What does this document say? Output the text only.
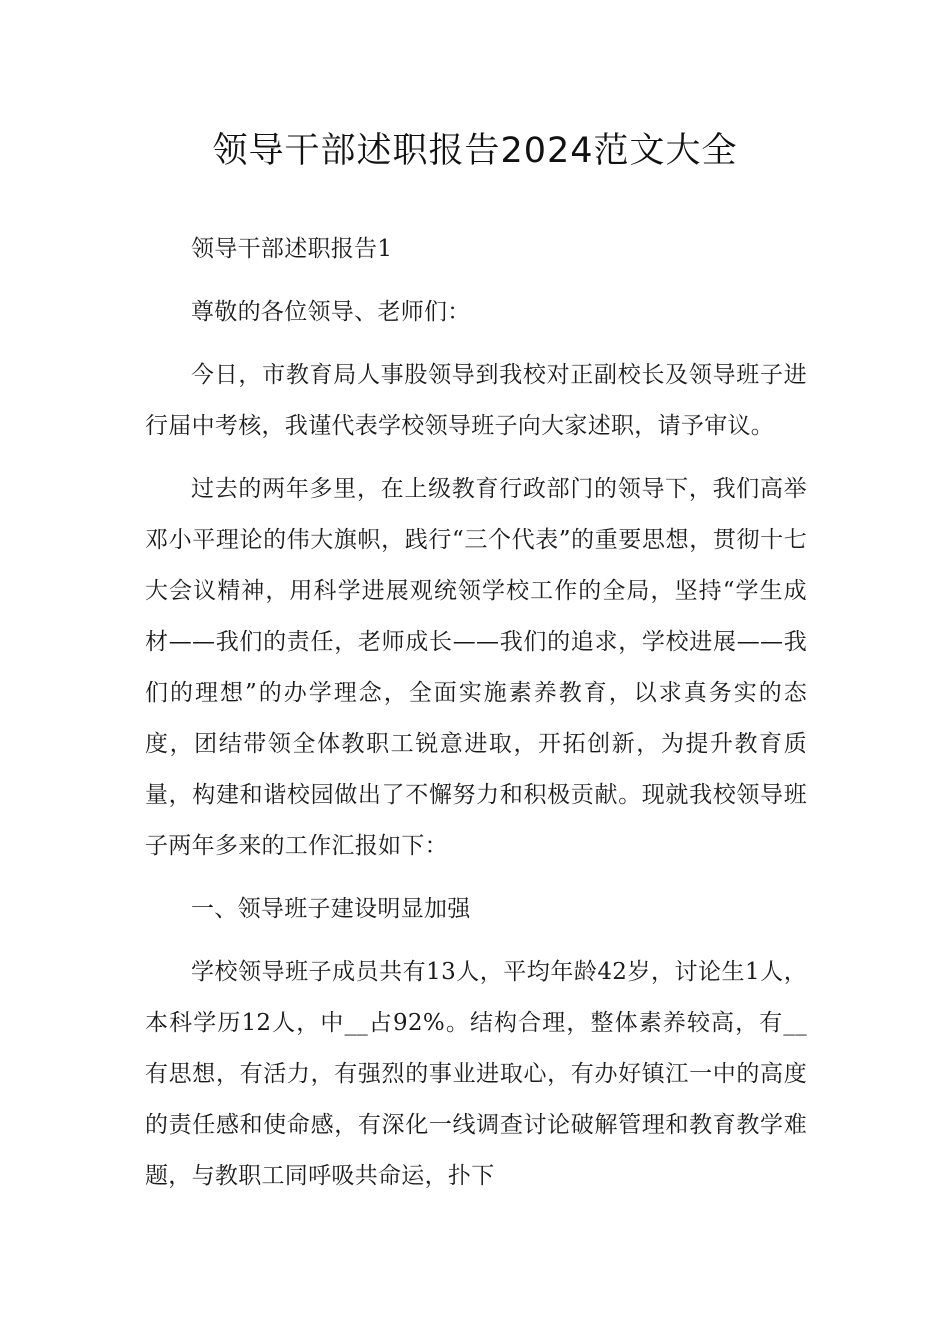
领导干部述职报告2024范文大全

领导干部述职报告1

尊敬的各位领导、老师们：

今日，市教育局人事股领导到我校对正副校长及领导班子进行届中考核，我谨代表学校领导班子向大家述职，请予审议。

过去的两年多里，在上级教育行政部门的领导下，我们高举邓小平理论的伟大旗帜，践行“三个代表”的重要思想，贯彻十七大会议精神，用科学进展观统领学校工作的全局，坚持“学生成材——我们的责任，老师成长——我们的追求，学校进展——我们的理想”的办学理念，全面实施素养教育，以求真务实的态度，团结带领全体教职工锐意进取，开拓创新，为提升教育质量，构建和谐校园做出了不懈努力和积极贡献。现就我校领导班子两年多来的工作汇报如下：

一、领导班子建设明显加强

学校领导班子成员共有13人，平均年龄42岁，讨论生1人，本科学历12人，中__占92%。结构合理，整体素养较高，有__有思想，有活力，有强烈的事业进取心，有办好镇江一中的高度的责任感和使命感，有深化一线调查讨论破解管理和教育教学难题，与教职工同呼吸共命运，扑下
